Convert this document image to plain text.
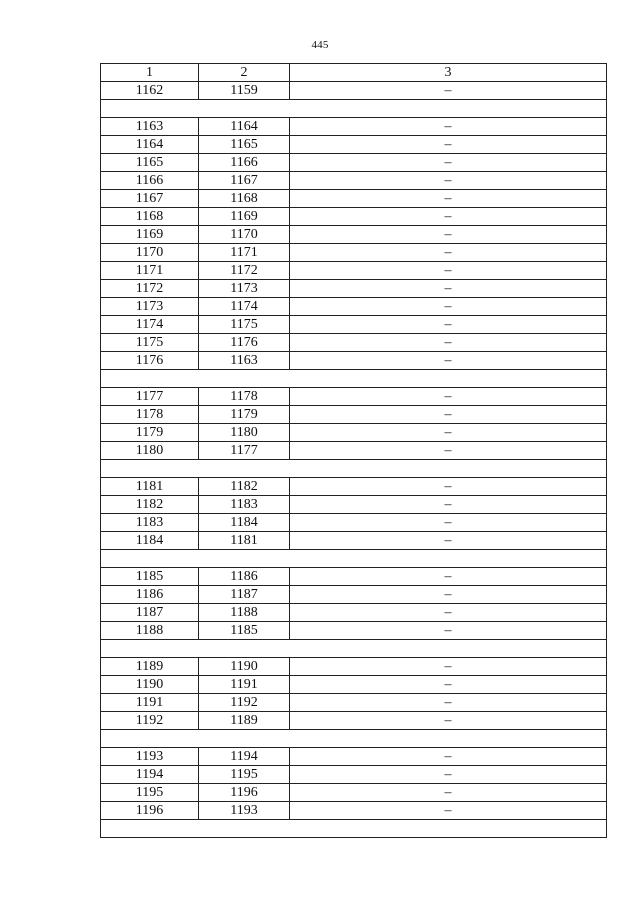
445
1	2	3
1162	1159	–

1163	1164	–
1164	1165	–
1165	1166	–
1166	1167	–
1167	1168	–
1168	1169	–
1169	1170	–
1170	1171	–
1171	1172	–
1172	1173	–
1173	1174	–
1174	1175	–
1175	1176	–
1176	1163	–

1177	1178	–
1178	1179	–
1179	1180	–
1180	1177	–

1181	1182	–
1182	1183	–
1183	1184	–
1184	1181	–

1185	1186	–
1186	1187	–
1187	1188	–
1188	1185	–

1189	1190	–
1190	1191	–
1191	1192	–
1192	1189	–

1193	1194	–
1194	1195	–
1195	1196	–
1196	1193	–
